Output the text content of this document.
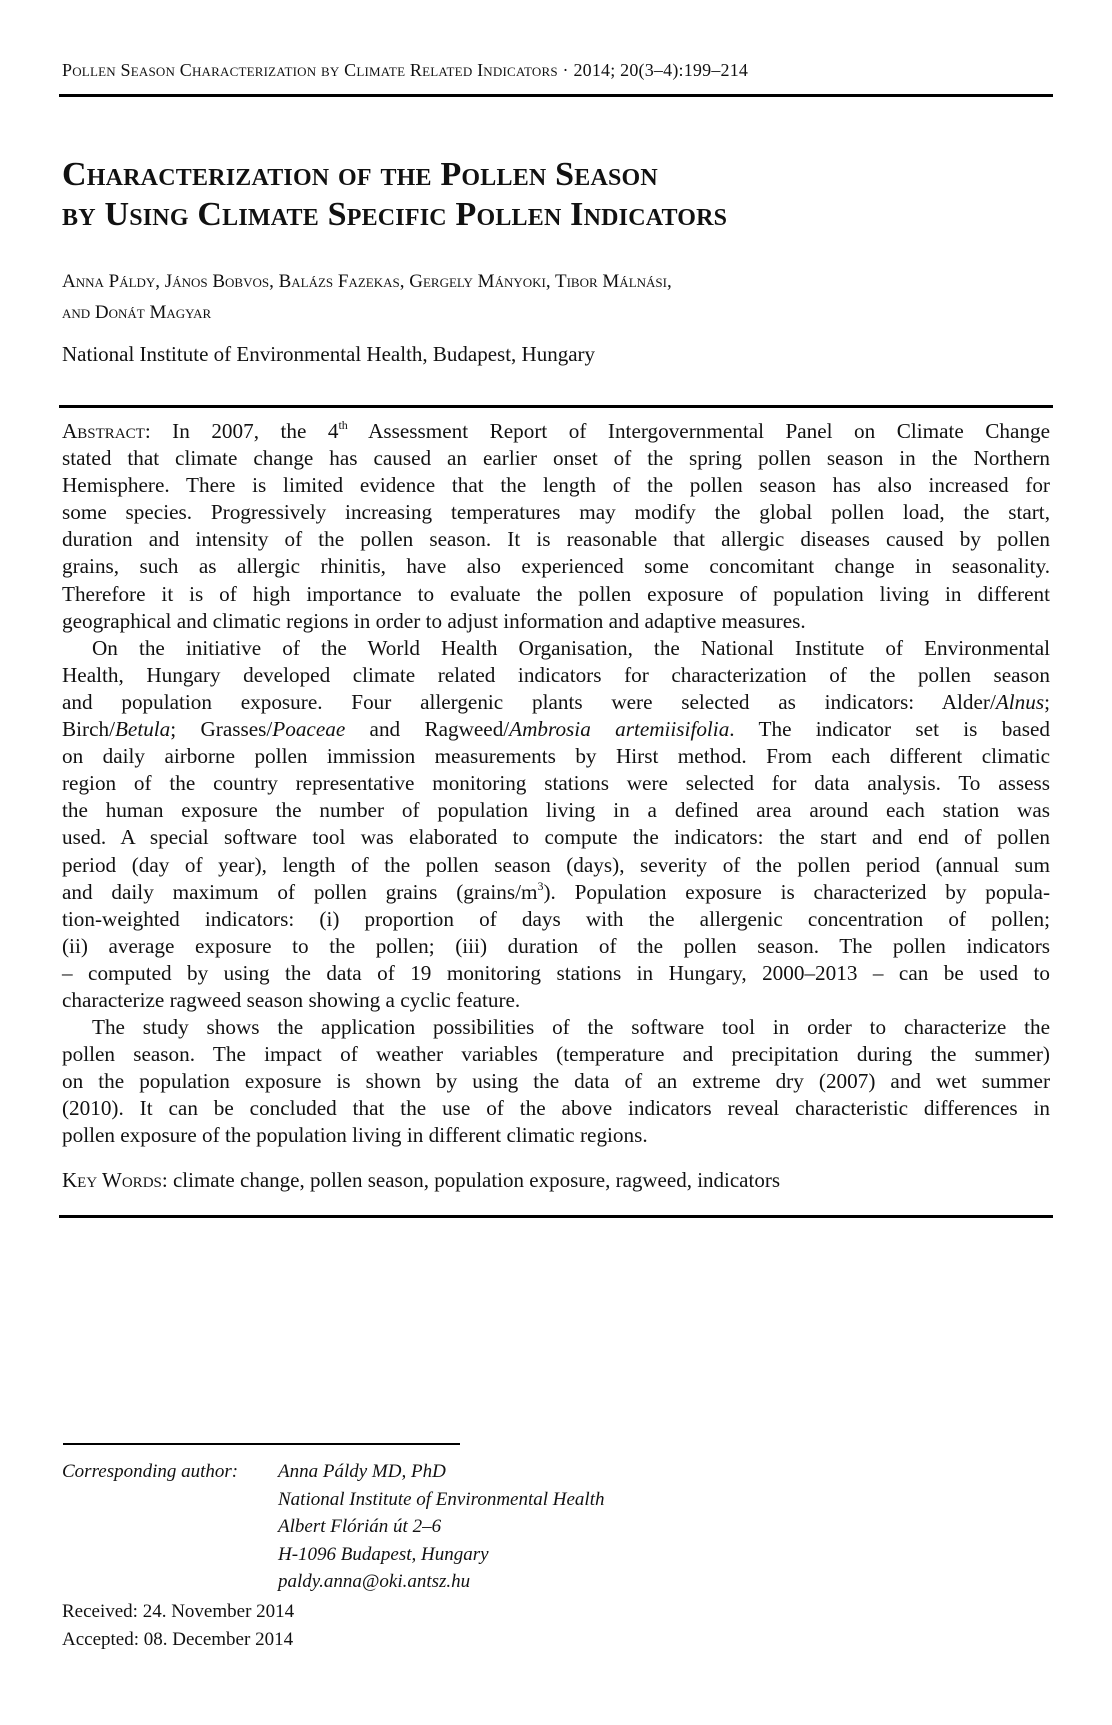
Pollen Season Characterization by Climate Related Indicators · 2014; 20(3–4):199–214
Characterization of the Pollen Season
by Using Climate Specific Pollen Indicators
Anna Páldy, János Bobvos, Balázs Fazekas, Gergely Mányoki, Tibor Málnási,
and Donát Magyar
National Institute of Environmental Health, Budapest, Hungary
Abstract: In 2007, the 4th Assessment Report of Intergovernmental Panel on Climate Change
stated that climate change has caused an earlier onset of the spring pollen season in the Northern
Hemisphere. There is limited evidence that the length of the pollen season has also increased for
some species. Progressively increasing temperatures may modify the global pollen load, the start,
duration and intensity of the pollen season. It is reasonable that allergic diseases caused by pollen
grains, such as allergic rhinitis, have also experienced some concomitant change in seasonality.
Therefore it is of high importance to evaluate the pollen exposure of population living in different
geographical and climatic regions in order to adjust information and adaptive measures.
On the initiative of the World Health Organisation, the National Institute of Environmental
Health, Hungary developed climate related indicators for characterization of the pollen season
and population exposure. Four allergenic plants were selected as indicators: Alder/Alnus;
Birch/Betula; Grasses/Poaceae and Ragweed/Ambrosia artemiisifolia. The indicator set is based
on daily airborne pollen immission measurements by Hirst method. From each different climatic
region of the country representative monitoring stations were selected for data analysis. To assess
the human exposure the number of population living in a defined area around each station was
used. A special software tool was elaborated to compute the indicators: the start and end of pollen
period (day of year), length of the pollen season (days), severity of the pollen period (annual sum
and daily maximum of pollen grains $(grains/m^3)$. Population exposure is characterized by popula-
tion-weighted indicators: (i) proportion of days with the allergenic concentration of pollen;
(ii) average exposure to the pollen; (iii) duration of the pollen season. The pollen indicators
– computed by using the data of 19 monitoring stations in Hungary, 2000–2013 – can be used to
characterize ragweed season showing a cyclic feature.
The study shows the application possibilities of the software tool in order to characterize the
pollen season. The impact of weather variables (temperature and precipitation during the summer)
on the population exposure is shown by using the data of an extreme dry (2007) and wet summer
(2010). It can be concluded that the use of the above indicators reveal characteristic differences in
pollen exposure of the population living in different climatic regions.
Key Words: climate change, pollen season, population exposure, ragweed, indicators
Corresponding author:	Anna Páldy MD, PhD
National Institute of Environmental Health
Albert Flórián út 2–6
H-1096 Budapest, Hungary
paldy.anna@oki.antsz.hu
Received: 24. November 2014
Accepted: 08. December 2014
